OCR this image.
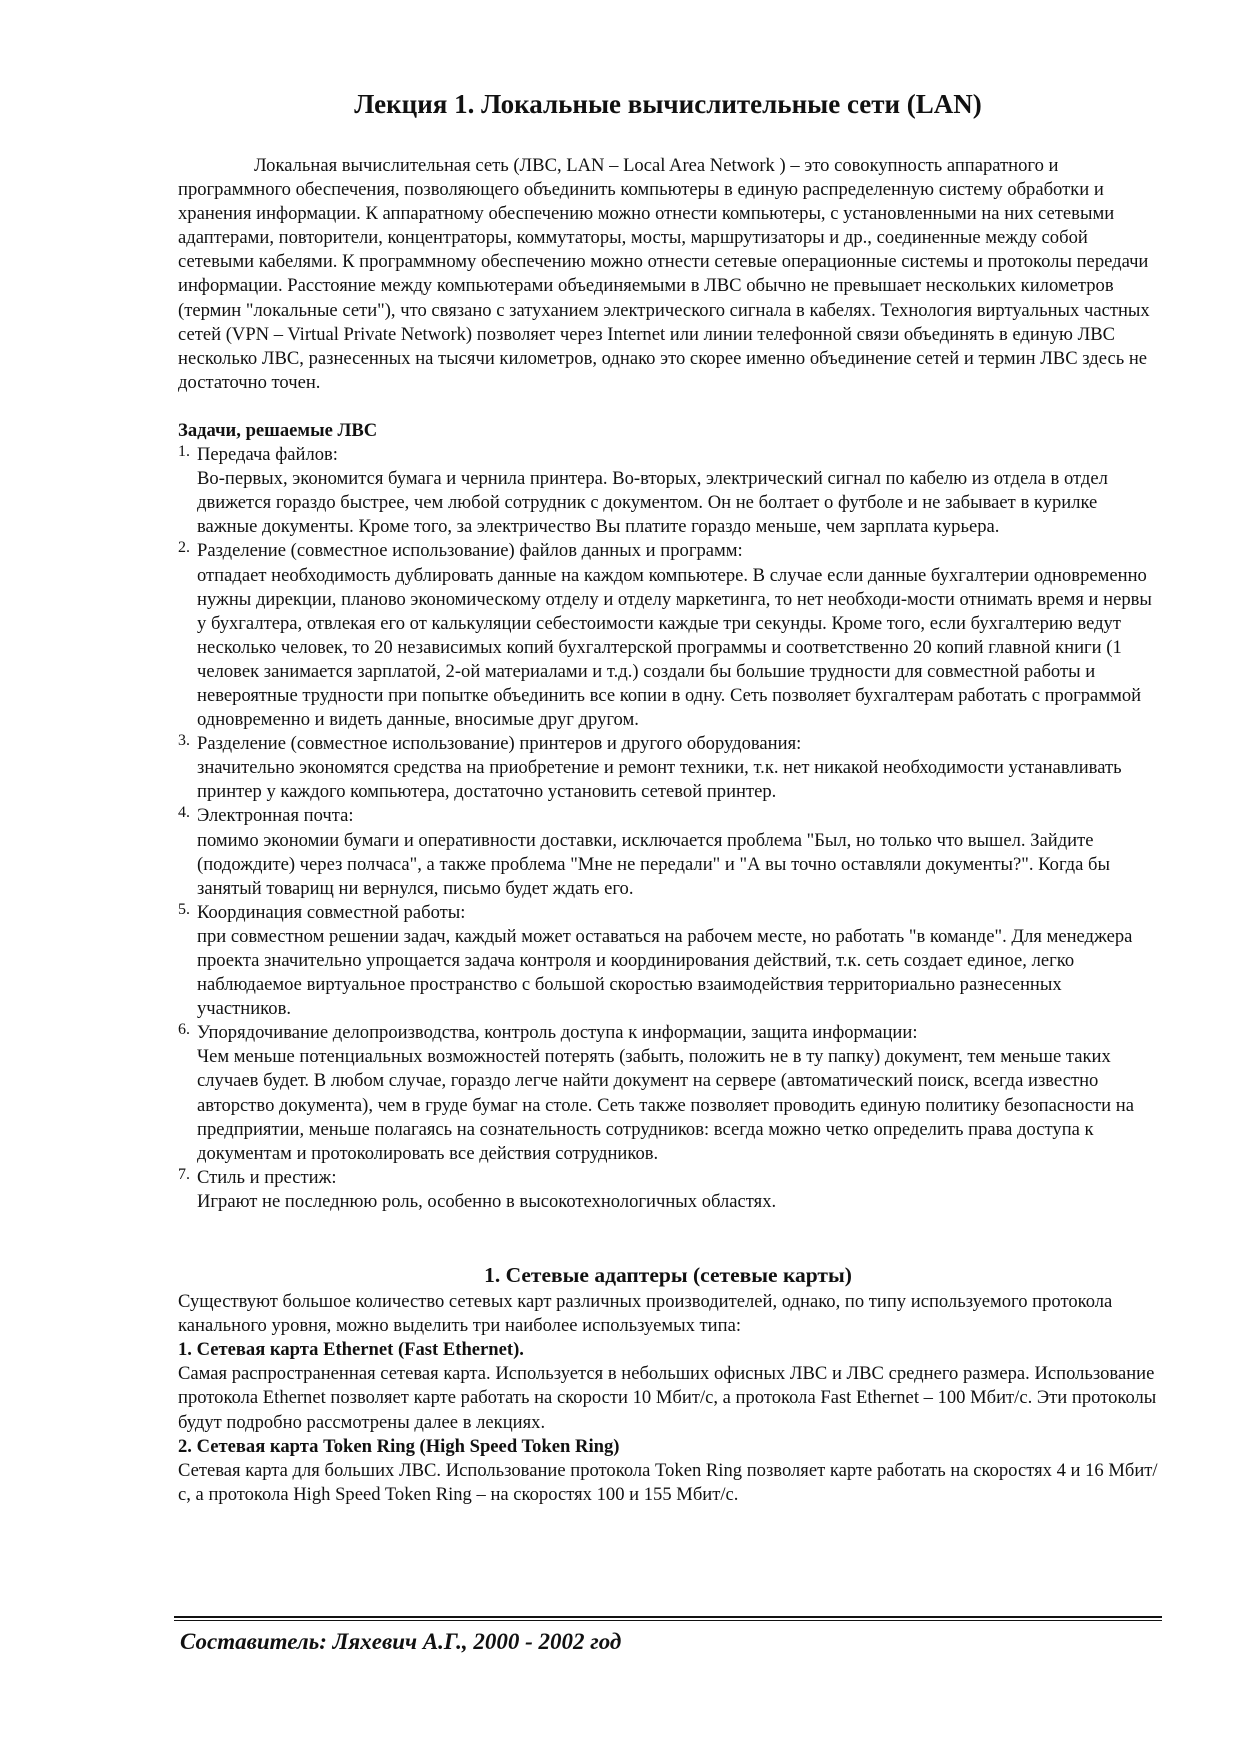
Лекция 1. Локальные вычислительные сети (LAN)

Локальная вычислительная сеть (ЛВС, LAN – Local Area Network ) – это совокупность аппаратного и программного обеспечения, позволяющего объединить компьютеры в единую распределенную систему обработки и хранения информации. К аппаратному обеспечению можно отнести компьютеры, с установленными на них сетевыми адаптерами, повторители, концентраторы, коммутаторы, мосты, маршрутизаторы и др., соединенные между собой сетевыми кабелями. К программному обеспечению можно отнести сетевые операционные системы и протоколы передачи информации. Расстояние между компьютерами объединяемыми в ЛВС обычно не превышает нескольких километров (термин "локальные сети"), что связано с затуханием электрического сигнала в кабелях. Технология виртуальных частных сетей (VPN – Virtual Private Network) позволяет через Internet или линии телефонной связи объединять в единую ЛВС несколько ЛВС, разнесенных на тысячи километров, однако это скорее именно объединение сетей и термин ЛВС здесь не достаточно точен.

Задачи, решаемые ЛВС

1. Передача файлов:
Во-первых, экономится бумага и чернила принтера. Во-вторых, электрический сигнал по кабелю из отдела в отдел движется гораздо быстрее, чем любой сотрудник с документом. Он не болтает о футболе и не забывает в курилке важные документы. Кроме того, за электричество Вы платите гораздо меньше, чем зарплата курьера.
2. Разделение (совместное использование) файлов данных и программ:
отпадает необходимость дублировать данные на каждом компьютере. В случае если данные бухгалтерии одновременно нужны дирекции, планово экономическому отделу и отделу маркетинга, то нет необходи-мости отнимать время и нервы у бухгалтера, отвлекая его от калькуляции себестоимости каждые три секунды. Кроме того, если бухгалтерию ведут несколько человек, то 20 независимых копий бухгалтерской программы и соответственно 20 копий главной книги (1 человек занимается зарплатой, 2-ой материалами и т.д.) создали бы большие трудности для совместной работы и невероятные трудности при попытке объединить все копии в одну. Сеть позволяет бухгалтерам работать с программой одновременно и видеть данные, вносимые друг другом.
3. Разделение (совместное использование) принтеров и другого оборудования:
значительно экономятся средства на приобретение и ремонт техники, т.к. нет никакой необходимости устанавливать принтер у каждого компьютера, достаточно установить сетевой принтер.
4. Электронная почта:
помимо экономии бумаги и оперативности доставки, исключается проблема "Был, но только что вышел. Зайдите (подождите) через полчаса", а также проблема "Мне не передали" и "А вы точно оставляли документы?". Когда бы занятый товарищ ни вернулся, письмо будет ждать его.
5. Координация совместной работы:
при совместном решении задач, каждый может оставаться на рабочем месте, но работать "в команде". Для менеджера проекта значительно упрощается задача контроля и координирования действий, т.к. сеть создает единое, легко наблюдаемое виртуальное пространство с большой скоростью взаимодействия территориально разнесенных участников.
6. Упорядочивание делопроизводства, контроль доступа к информации, защита информации:
Чем меньше потенциальных возможностей потерять (забыть, положить не в ту папку) документ, тем меньше таких случаев будет. В любом случае, гораздо легче найти документ на сервере (автоматический поиск, всегда известно авторство документа), чем в груде бумаг на столе. Сеть также позволяет проводить единую политику безопасности на предприятии, меньше полагаясь на сознательность сотрудников: всегда можно четко определить права доступа к документам и протоколировать все действия сотрудников.
7. Стиль и престиж:
Играют не последнюю роль, особенно в высокотехнологичных областях.
1. Сетевые адаптеры (сетевые карты)

Существуют большое количество сетевых карт различных производителей, однако, по типу используемого протокола канального уровня, можно выделить три наиболее используемых типа:

1. Сетевая карта Ethernet (Fast Ethernet).

Самая распространенная сетевая карта. Используется в небольших офисных ЛВС и ЛВС среднего размера. Использование протокола Ethernet позволяет карте работать на скорости 10 Мбит/с, а протокола Fast Ethernet – 100 Мбит/с. Эти протоколы будут подробно рассмотрены далее в лекциях.

2. Сетевая карта Token Ring (High Speed Token Ring)

Сетевая карта для больших ЛВС. Использование протокола Token Ring позволяет карте работать на скоростях 4 и 16 Мбит/с, а протокола High Speed Token Ring – на скоростях 100 и 155 Мбит/с.

Составитель: Ляхевич А.Г., 2000 - 2002 год
